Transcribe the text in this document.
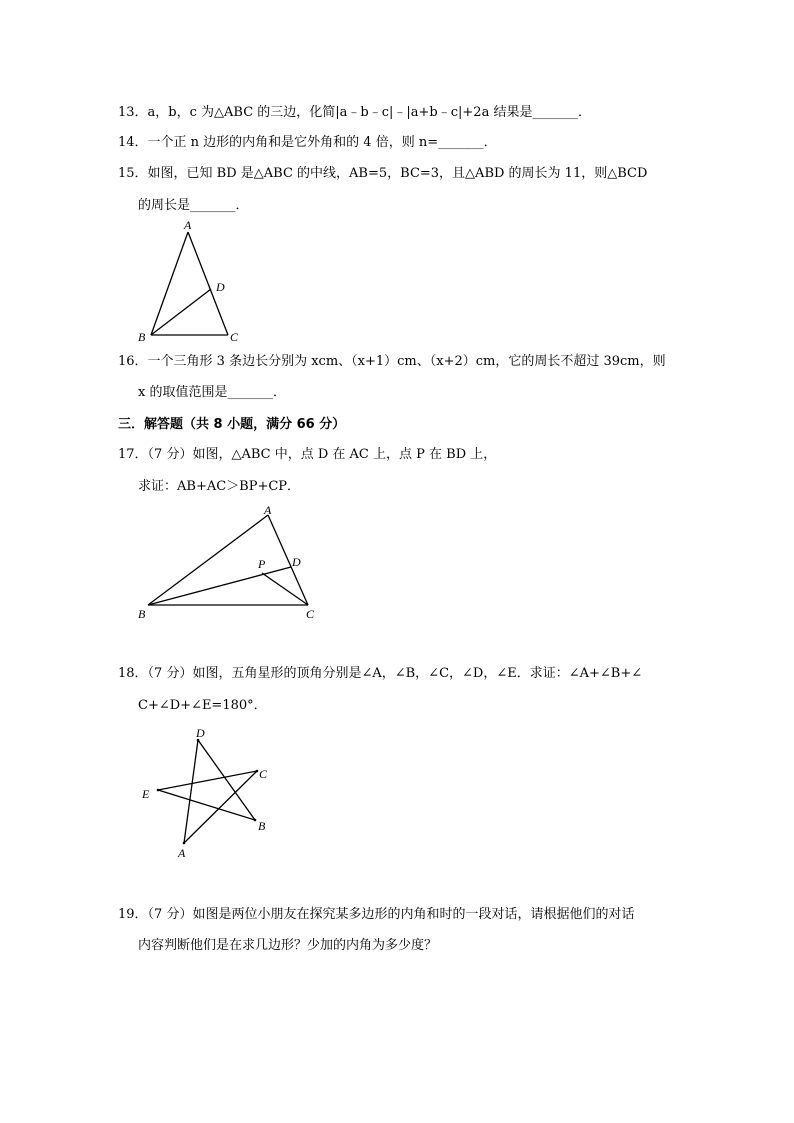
13．a，b，c 为△ABC 的三边，化简|a﹣b﹣c|﹣|a+b﹣c|+2a 结果是_______．
14．一个正 n 边形的内角和是它外角和的 4 倍，则 n=_______．
15．如图，已知 BD 是△ABC 的中线，AB=5，BC=3，且△ABD 的周长为 11，则△BCD
的周长是_______．
A
B	C
D
16．一个三角形 3 条边长分别为 xcm、（x+1）cm、（x+2）cm，它的周长不超过 39cm，则
x 的取值范围是_______．
三．解答题（共 8 小题，满分 66 分）
17．（7 分）如图，△ABC 中，点 D 在 AC 上，点 P 在 BD 上，
求证：AB+AC＞BP+CP．
A
B	C
D
P
18．（7 分）如图，五角星形的顶角分别是∠A，∠B，∠C，∠D，∠E．求证：∠A+∠B+∠
C+∠D+∠E=180°．
D
B
E
C
A
19．（7 分）如图是两位小朋友在探究某多边形的内角和时的一段对话，请根据他们的对话
内容判断他们是在求几边形？少加的内角为多少度？
